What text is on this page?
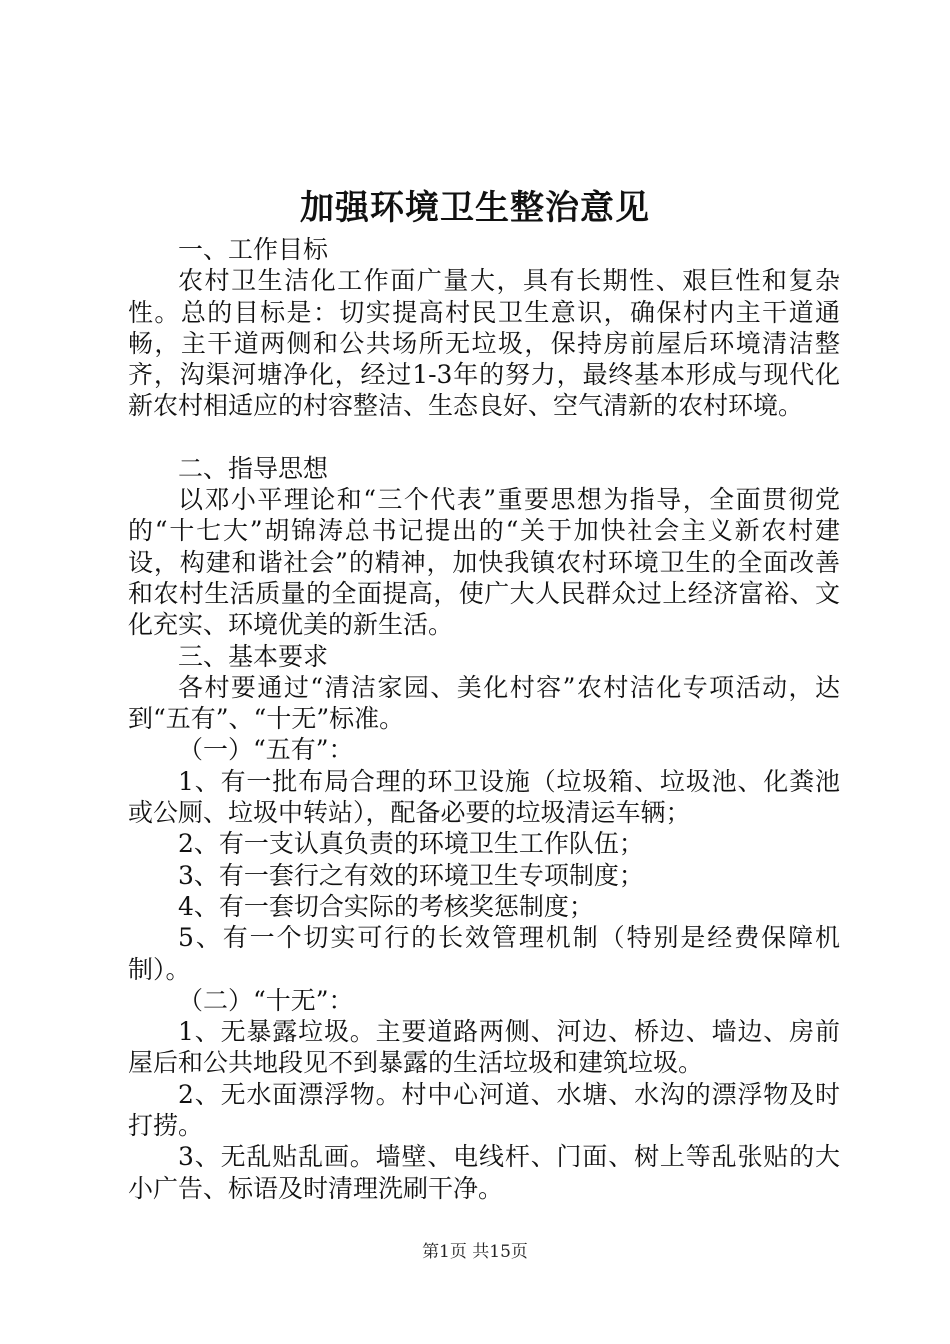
加强环境卫生整治意见

一、工作目标

农村卫生洁化工作面广量大，具有长期性、艰巨性和复杂性。总的目标是：切实提高村民卫生意识，确保村内主干道通畅，主干道两侧和公共场所无垃圾，保持房前屋后环境清洁整齐，沟渠河塘净化，经过1-3年的努力，最终基本形成与现代化新农村相适应的村容整洁、生态良好、空气清新的农村环境。

二、指导思想

以邓小平理论和“三个代表”重要思想为指导，全面贯彻党的“十七大”胡锦涛总书记提出的“关于加快社会主义新农村建设，构建和谐社会”的精神，加快我镇农村环境卫生的全面改善和农村生活质量的全面提高，使广大人民群众过上经济富裕、文化充实、环境优美的新生活。

三、基本要求

各村要通过“清洁家园、美化村容”农村洁化专项活动，达到“五有”、“十无”标准。

（一）“五有”：

1、有一批布局合理的环卫设施（垃圾箱、垃圾池、化粪池或公厕、垃圾中转站），配备必要的垃圾清运车辆；

2、有一支认真负责的环境卫生工作队伍；

3、有一套行之有效的环境卫生专项制度；

4、有一套切合实际的考核奖惩制度；

5、有一个切实可行的长效管理机制（特别是经费保障机制）。

（二）“十无”：

1、无暴露垃圾。主要道路两侧、河边、桥边、墙边、房前屋后和公共地段见不到暴露的生活垃圾和建筑垃圾。

2、无水面漂浮物。村中心河道、水塘、水沟的漂浮物及时打捞。

3、无乱贴乱画。墙壁、电线杆、门面、树上等乱张贴的大小广告、标语及时清理洗刷干净。

第1页 共15页
